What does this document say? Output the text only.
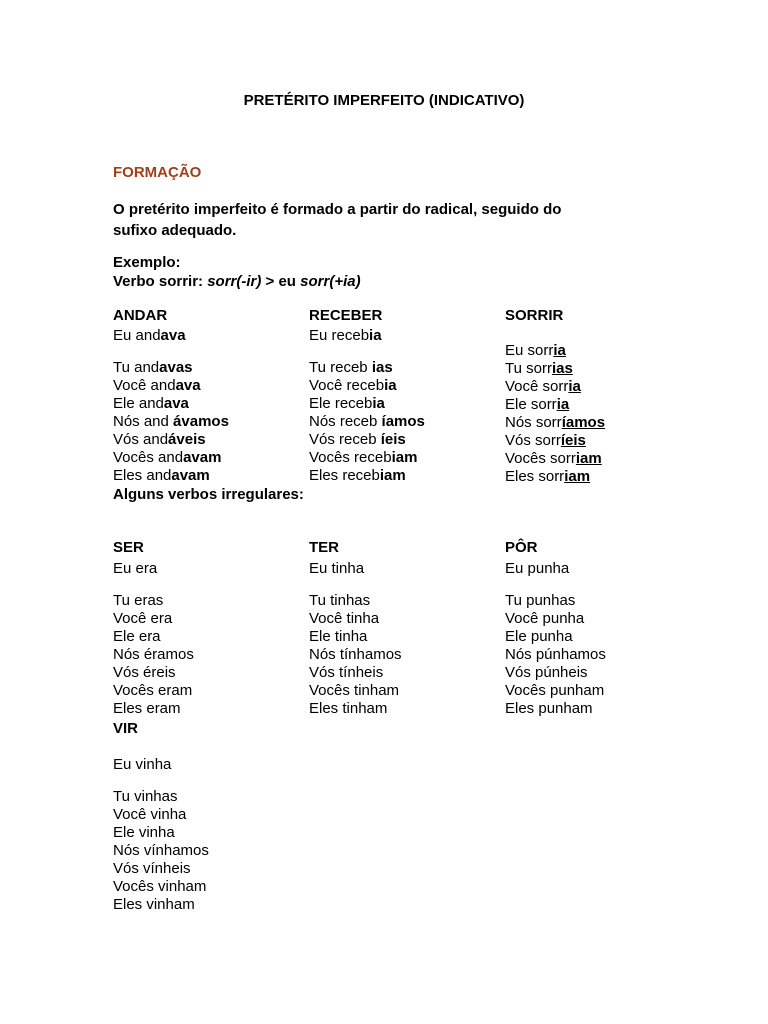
PRETÉRITO IMPERFEITO (INDICATIVO)
FORMAÇÃO
O pretérito imperfeito é formado a partir do radical, seguido do
sufixo adequado.
Exemplo:
Verbo sorrir: sorr(-ir) > eu sorr(+ia)
ANDAR
Eu andava
Tu andavas
Você andava
Ele andava
Nós and ávamos
Vós andáveis
Vocês andavam
Eles andavam
RECEBER
Eu recebia
Tu receb ias
Você recebia
Ele recebia
Nós receb íamos
Vós receb íeis
Vocês recebiam
Eles recebiam
SORRIR
Eu sorria
Tu sorrias
Você sorria
Ele sorria
Nós sorríamos
Vós sorríeis
Vocês sorriam
Eles sorriam
Alguns verbos irregulares:
SER
Eu era
Tu eras
Você era
Ele era
Nós éramos
Vós éreis
Vocês eram
Eles eram
TER
Eu tinha
Tu tinhas
Você tinha
Ele tinha
Nós tínhamos
Vós tínheis
Vocês tinham
Eles tinham
PÔR
Eu punha
Tu punhas
Você punha
Ele punha
Nós púnhamos
Vós púnheis
Vocês punham
Eles punham
VIR
Eu vinha
Tu vinhas
Você vinha
Ele vinha
Nós vínhamos
Vós vínheis
Vocês vinham
Eles vinham
